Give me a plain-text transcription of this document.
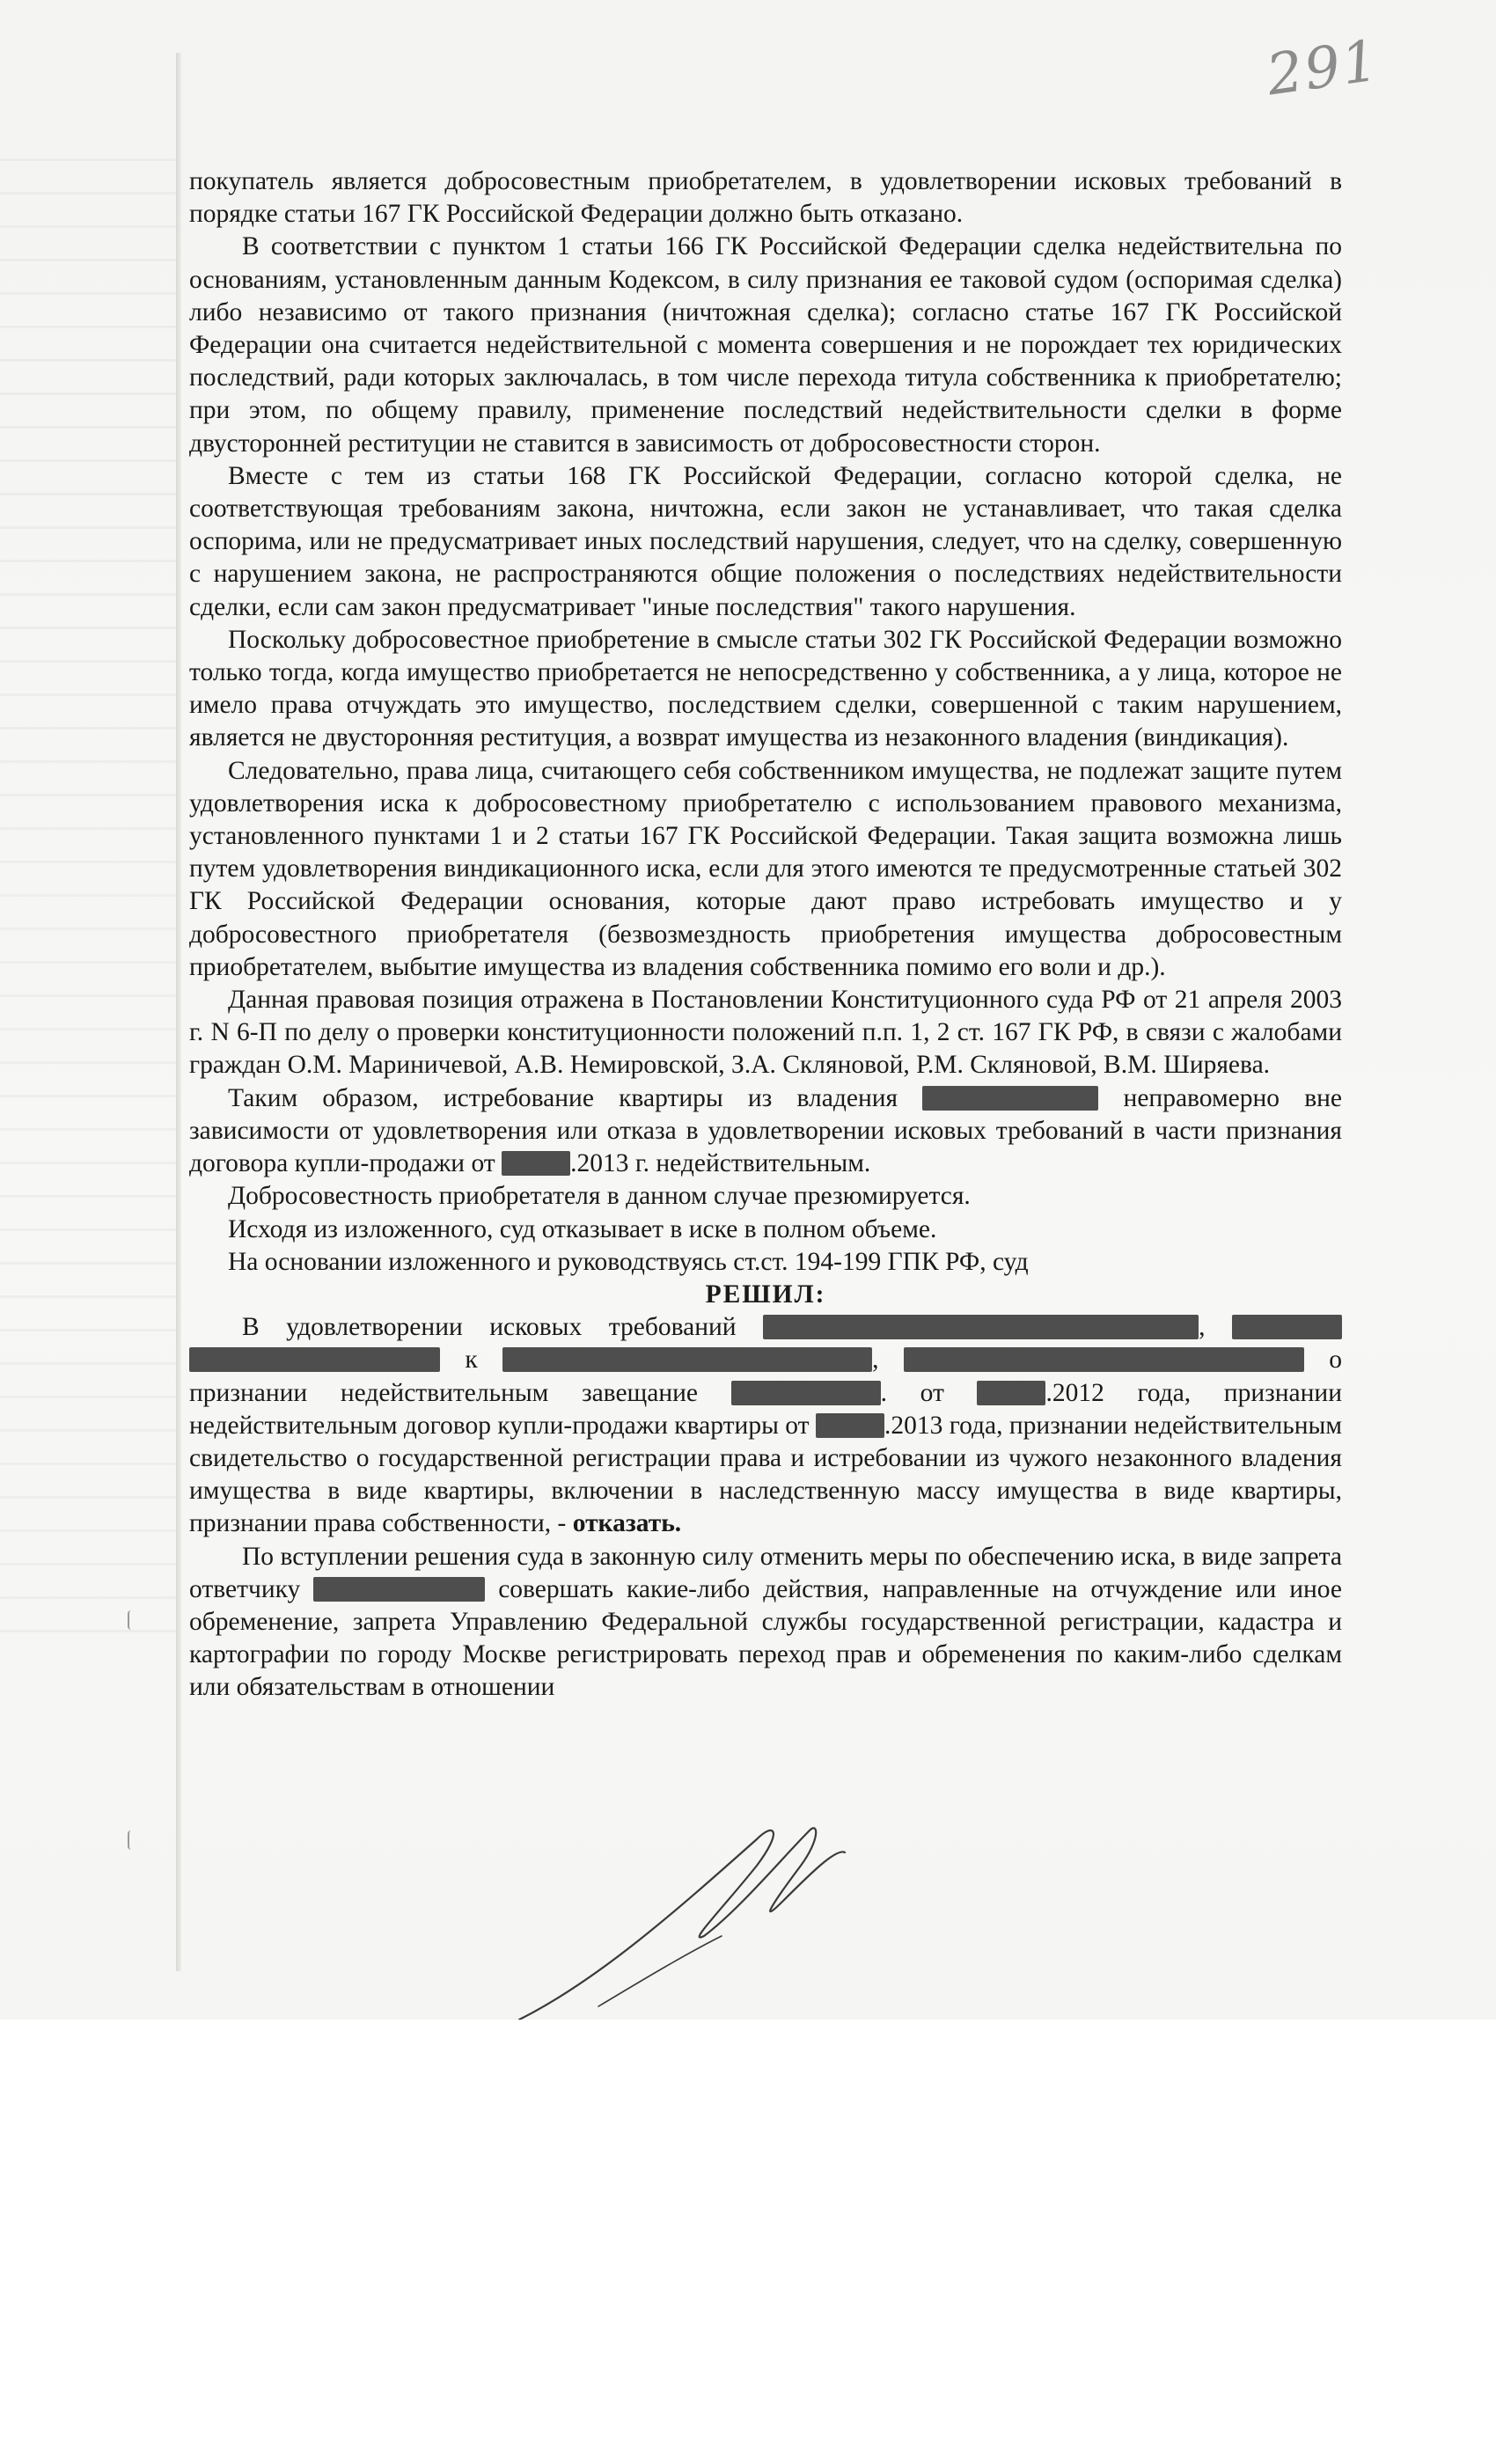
291

покупатель является добросовестным приобретателем, в удовлетворении исковых требований в порядке статьи 167 ГК Российской Федерации должно быть отказано.

В соответствии с пунктом 1 статьи 166 ГК Российской Федерации сделка недействительна по основаниям, установленным данным Кодексом, в силу признания ее таковой судом (оспоримая сделка) либо независимо от такого признания (ничтожная сделка); согласно статье 167 ГК Российской Федерации она считается недействительной с момента совершения и не порождает тех юридических последствий, ради которых заключалась, в том числе перехода титула собственника к приобретателю; при этом, по общему правилу, применение последствий недействительности сделки в форме двусторонней реституции не ставится в зависимость от добросовестности сторон.

Вместе с тем из статьи 168 ГК Российской Федерации, согласно которой сделка, не соответствующая требованиям закона, ничтожна, если закон не устанавливает, что такая сделка оспорима, или не предусматривает иных последствий нарушения, следует, что на сделку, совершенную с нарушением закона, не распространяются общие положения о последствиях недействительности сделки, если сам закон предусматривает "иные последствия" такого нарушения.

Поскольку добросовестное приобретение в смысле статьи 302 ГК Российской Федерации возможно только тогда, когда имущество приобретается не непосредственно у собственника, а у лица, которое не имело права отчуждать это имущество, последствием сделки, совершенной с таким нарушением, является не двусторонняя реституция, а возврат имущества из незаконного владения (виндикация).

Следовательно, права лица, считающего себя собственником имущества, не подлежат защите путем удовлетворения иска к добросовестному приобретателю с использованием правового механизма, установленного пунктами 1 и 2 статьи 167 ГК Российской Федерации. Такая защита возможна лишь путем удовлетворения виндикационного иска, если для этого имеются те предусмотренные статьей 302 ГК Российской Федерации основания, которые дают право истребовать имущество и у добросовестного приобретателя (безвозмездность приобретения имущества добросовестным приобретателем, выбытие имущества из владения собственника помимо его воли и др.).

Данная правовая позиция отражена в Постановлении Конституционного суда РФ от 21 апреля 2003 г. N 6-П по делу о проверки конституционности положений п.п. 1, 2 ст. 167 ГК РФ, в связи с жалобами граждан О.М. Мариничевой, А.В. Немировской, З.А. Скляновой, Р.М. Скляновой, В.М. Ширяева.

Таким образом, истребование квартиры из владения	неправомерно вне зависимости от удовлетворения или отказа в удовлетворении исковых требований в части признания договора купли-продажи от	.2013 г. недействительным.

Добросовестность приобретателя в данном случае презюмируется.

Исходя из изложенного, суд отказывает в иске в полном объеме.

На основании изложенного и руководствуясь ст.ст. 194-199 ГПК РФ, суд

РЕШИЛ:

В удовлетворении исковых требований	,   к	,	о признании недействительным завещание	. от	.2012 года, признании недействительным договор купли-продажи квартиры от	.2013 года, признании недействительным свидетельство о государственной регистрации права и истребовании из чужого незаконного владения имущества в виде квартиры, включении в наследственную массу имущества в виде квартиры, признании права собственности, - отказать.

По вступлении решения суда в законную силу отменить меры по обеспечению иска, в виде запрета ответчику	совершать какие-либо действия, направленные на отчуждение или иное обременение, запрета Управлению Федеральной службы государственной регистрации, кадастра и картографии по городу Москве регистрировать переход прав и обременения по каким-либо сделкам или обязательствам в отношении
